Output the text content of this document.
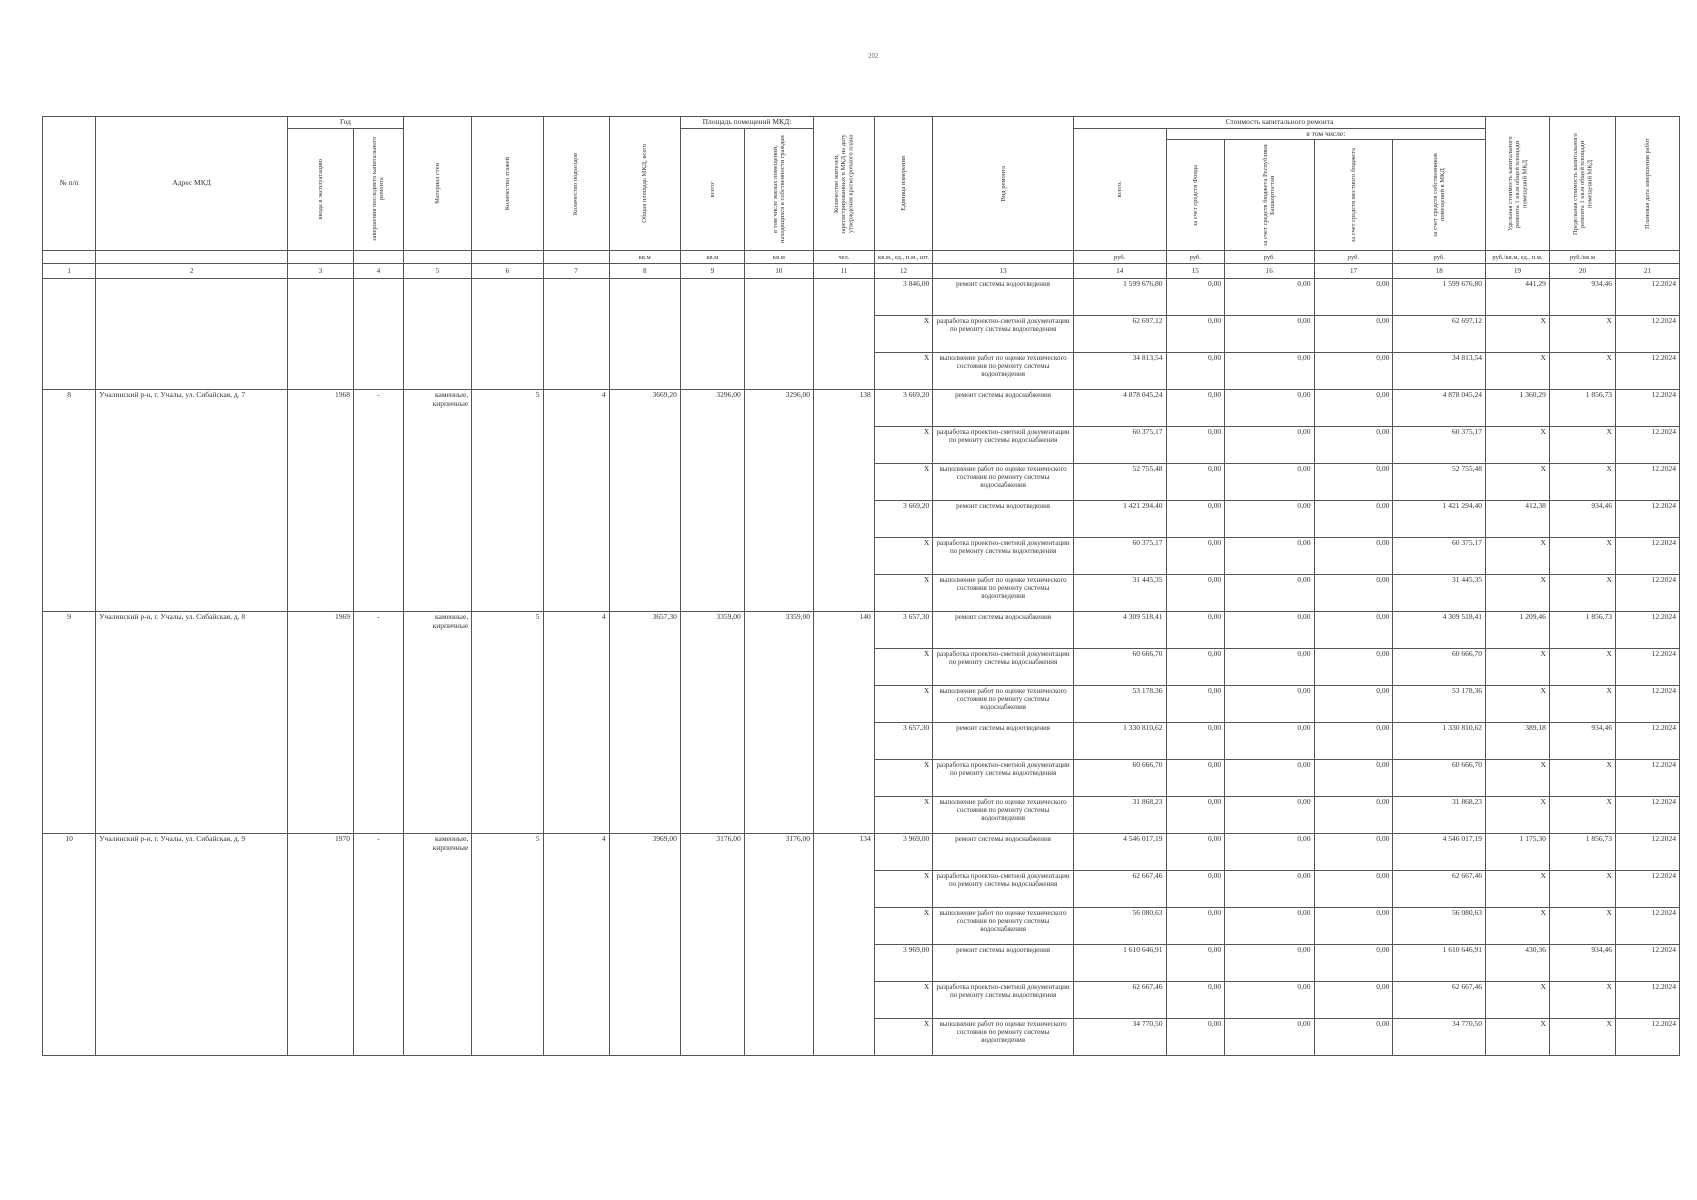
202
№ п/п	Адрес МКД	Год		Материал стен	Количество этажей	Количество подъездов	Общая площадь МКД, всего	Площадь помещений МКД:		Количество жителей, зарегистрированных в МКД на дату утверждения краткосрочного плана	Единица измерения	Вид ремонта	Стоимость капитального ремонта					Удельная стоимость капитального ремонта 1 кв.м общей площади помещений МКД	Предельная стоимость капитального ремонта 1 кв.м общей площади помещений МКД	Плановая дата завершения работ

		ввода в эксплуатацию	завершения последнего капитального ремонта					всего:	в том числе жилых помещений, находящихся в собственности граждан				всего:	в том числе:						

														за счет средств Фонда	за счет средств бюджета Республики Башкортостан	за счет средств местного бюджета	за счет средств собственников помещений в МКД			

							кв.м	кв.м	кв.м	чел.	кв.м., ед., п.м., шт.		руб.	руб.	руб.	руб.	руб.	руб./кв.м, ед., п.м.	руб./кв.м	
1	2	3	4	5	6	7	8	9	10	11	12	13	14	15	16	17	18	19	20	21
											3 846,00	ремонт системы водоотведения	1 599 676,80	0,00	0,00	0,00	1 599 676,80	441,29	934,46	12.2024
											X	разработка проектно-сметной документации по ремонту системы водоотведения	62 697,12	0,00	0,00	0,00	62 697,12	X	X	12.2024
											X	выполнение работ по оценке технического состояния по ремонту системы водоотведения	34 813,54	0,00	0,00	0,00	34 813,54	X	X	12.2024
8	Учалинский р-н, г. Учалы, ул. Сибайская, д. 7	1968	-	каменные, кирпичные	5	4	3669,20	3296,00	3296,00	138	3 669,20	ремонт системы водоснабжения	4 878 045,24	0,00	0,00	0,00	4 878 045,24	1 360,29	1 856,73	12.2024
											X	разработка проектно-сметной документации по ремонту системы водоснабжения	60 375,17	0,00	0,00	0,00	60 375,17	X	X	12.2024
											X	выполнение работ по оценке технического состояния по ремонту системы водоснабжения	52 755,48	0,00	0,00	0,00	52 755,48	X	X	12.2024
											3 669,20	ремонт системы водоотведения	1 421 294,40	0,00	0,00	0,00	1 421 294,40	412,38	934,46	12.2024
											X	разработка проектно-сметной документации по ремонту системы водоотведения	60 375,17	0,00	0,00	0,00	60 375,17	X	X	12.2024
											X	выполнение работ по оценке технического состояния по ремонту системы водоотведения	31 445,35	0,00	0,00	0,00	31 445,35	X	X	12.2024
9	Учалинский р-н, г. Учалы, ул. Сибайская, д. 8	1969	-	каменные, кирпичные	5	4	3657,30	3359,00	3359,00	140	3 657,30	ремонт системы водоснабжения	4 309 518,41	0,00	0,00	0,00	4 309 518,41	1 209,46	1 856,73	12.2024
											X	разработка проектно-сметной документации по ремонту системы водоснабжения	60 666,70	0,00	0,00	0,00	60 666,70	X	X	12.2024
											X	выполнение работ по оценке технического состояния по ремонту системы водоснабжения	53 178,36	0,00	0,00	0,00	53 178,36	X	X	12.2024
											3 657,30	ремонт системы водоотведения	1 330 810,62	0,00	0,00	0,00	1 330 810,62	389,18	934,46	12.2024
											X	разработка проектно-сметной документации по ремонту системы водоотведения	60 666,70	0,00	0,00	0,00	60 666,70	X	X	12.2024
											X	выполнение работ по оценке технического состояния по ремонту системы водоотведения	31 868,23	0,00	0,00	0,00	31 868,23	X	X	12.2024
10	Учалинский р-н, г. Учалы, ул. Сибайская, д. 9	1970	-	каменные, кирпичные	5	4	3969,00	3176,00	3176,00	134	3 969,00	ремонт системы водоснабжения	4 546 017,19	0,00	0,00	0,00	4 546 017,19	1 175,30	1 856,73	12.2024
											X	разработка проектно-сметной документации по ремонту системы водоснабжения	62 667,46	0,00	0,00	0,00	62 667,46	X	X	12.2024
											X	выполнение работ по оценке технического состояния по ремонту системы водоснабжения	56 080,63	0,00	0,00	0,00	56 080,63	X	X	12.2024
											3 969,00	ремонт системы водоотведения	1 610 646,91	0,00	0,00	0,00	1 610 646,91	430,36	934,46	12.2024
											X	разработка проектно-сметной документации по ремонту системы водоотведения	62 667,46	0,00	0,00	0,00	62 667,46	X	X	12.2024
											X	выполнение работ по оценке технического состояния по ремонту системы водоотведения	34 770,50	0,00	0,00	0,00	34 770,50	X	X	12.2024
